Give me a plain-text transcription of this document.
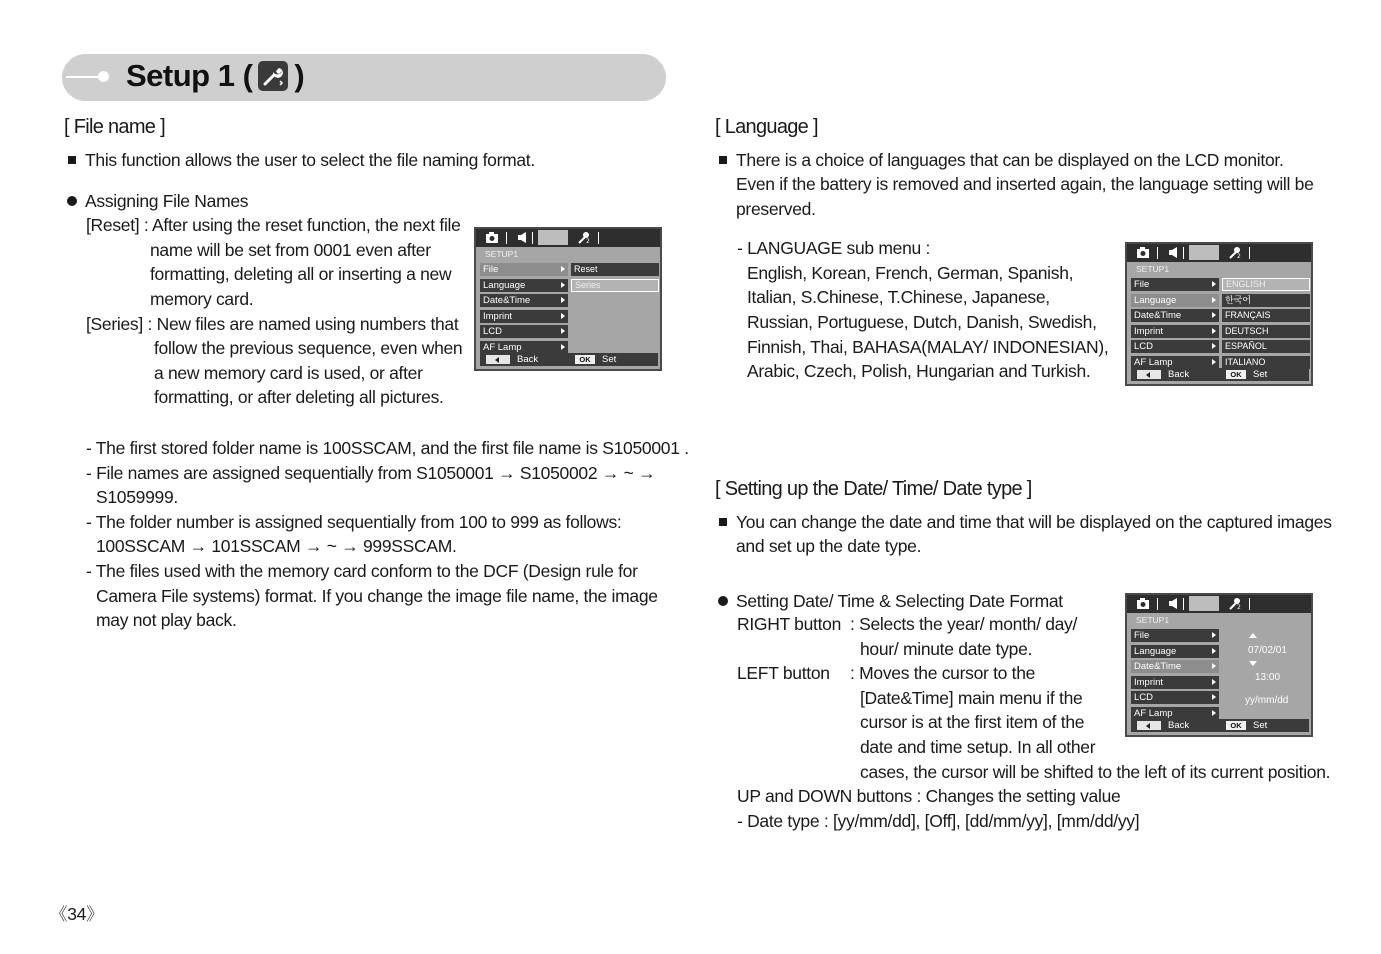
Setup 1 ( )
[ File name ]
This function allows the user to select the file naming format.
Assigning File Names
[Reset] : After using the reset function, the next file
name will be set from 0001 even after
formatting, deleting all or inserting a new
memory card.
[Series] : New files are named using numbers that
follow the previous sequence, even when
a new memory card is used, or after
formatting, or after deleting all pictures.
- The first stored folder name is 100SSCAM, and the first file name is S1050001 .
- File names are assigned sequentially from S1050001 → S1050002 → ~ →
S1059999.
- The folder number is assigned sequentially from 100 to 999 as follows:
100SSCAM → 101SSCAM → ~ → 999SSCAM.
- The files used with the memory card conform to the DCF (Design rule for
Camera File systems) format. If you change the image file name, the image
may not play back.
2
SETUP1
File
Language
Date&Time
Imprint
LCD
AF Lamp
Reset
Series
Back	OK	Set
[ Language ]
There is a choice of languages that can be displayed on the LCD monitor.
Even if the battery is removed and inserted again, the language setting will be
preserved.
- LANGUAGE sub menu :
English, Korean, French, German, Spanish,
Italian, S.Chinese, T.Chinese, Japanese,
Russian, Portuguese, Dutch, Danish, Swedish,
Finnish, Thai, BAHASA(MALAY/ INDONESIAN),
Arabic, Czech, Polish, Hungarian and Turkish.
2
SETUP1
File
Language
Date&Time
Imprint
LCD
AF Lamp
ENGLISH
한국어
FRANÇAIS
DEUTSCH
ESPAÑOL
ITALIANO
Back	OK	Set
[ Setting up the Date/ Time/ Date type ]
You can change the date and time that will be displayed on the captured images
and set up the date type.
Setting Date/ Time & Selecting Date Format
RIGHT button : Selects the year/ month/ day/
hour/ minute date type.
LEFT button : Moves the cursor to the
[Date&Time] main menu if the
cursor is at the first item of the
date and time setup. In all other
cases, the cursor will be shifted to the left of its current position.
UP and DOWN buttons : Changes the setting value
- Date type : [yy/mm/dd], [Off], [dd/mm/yy], [mm/dd/yy]
2
SETUP1
File
Language
Date&Time
Imprint
LCD
AF Lamp
07/02/01
13:00
yy/mm/dd
Back	OK	Set
《34》
